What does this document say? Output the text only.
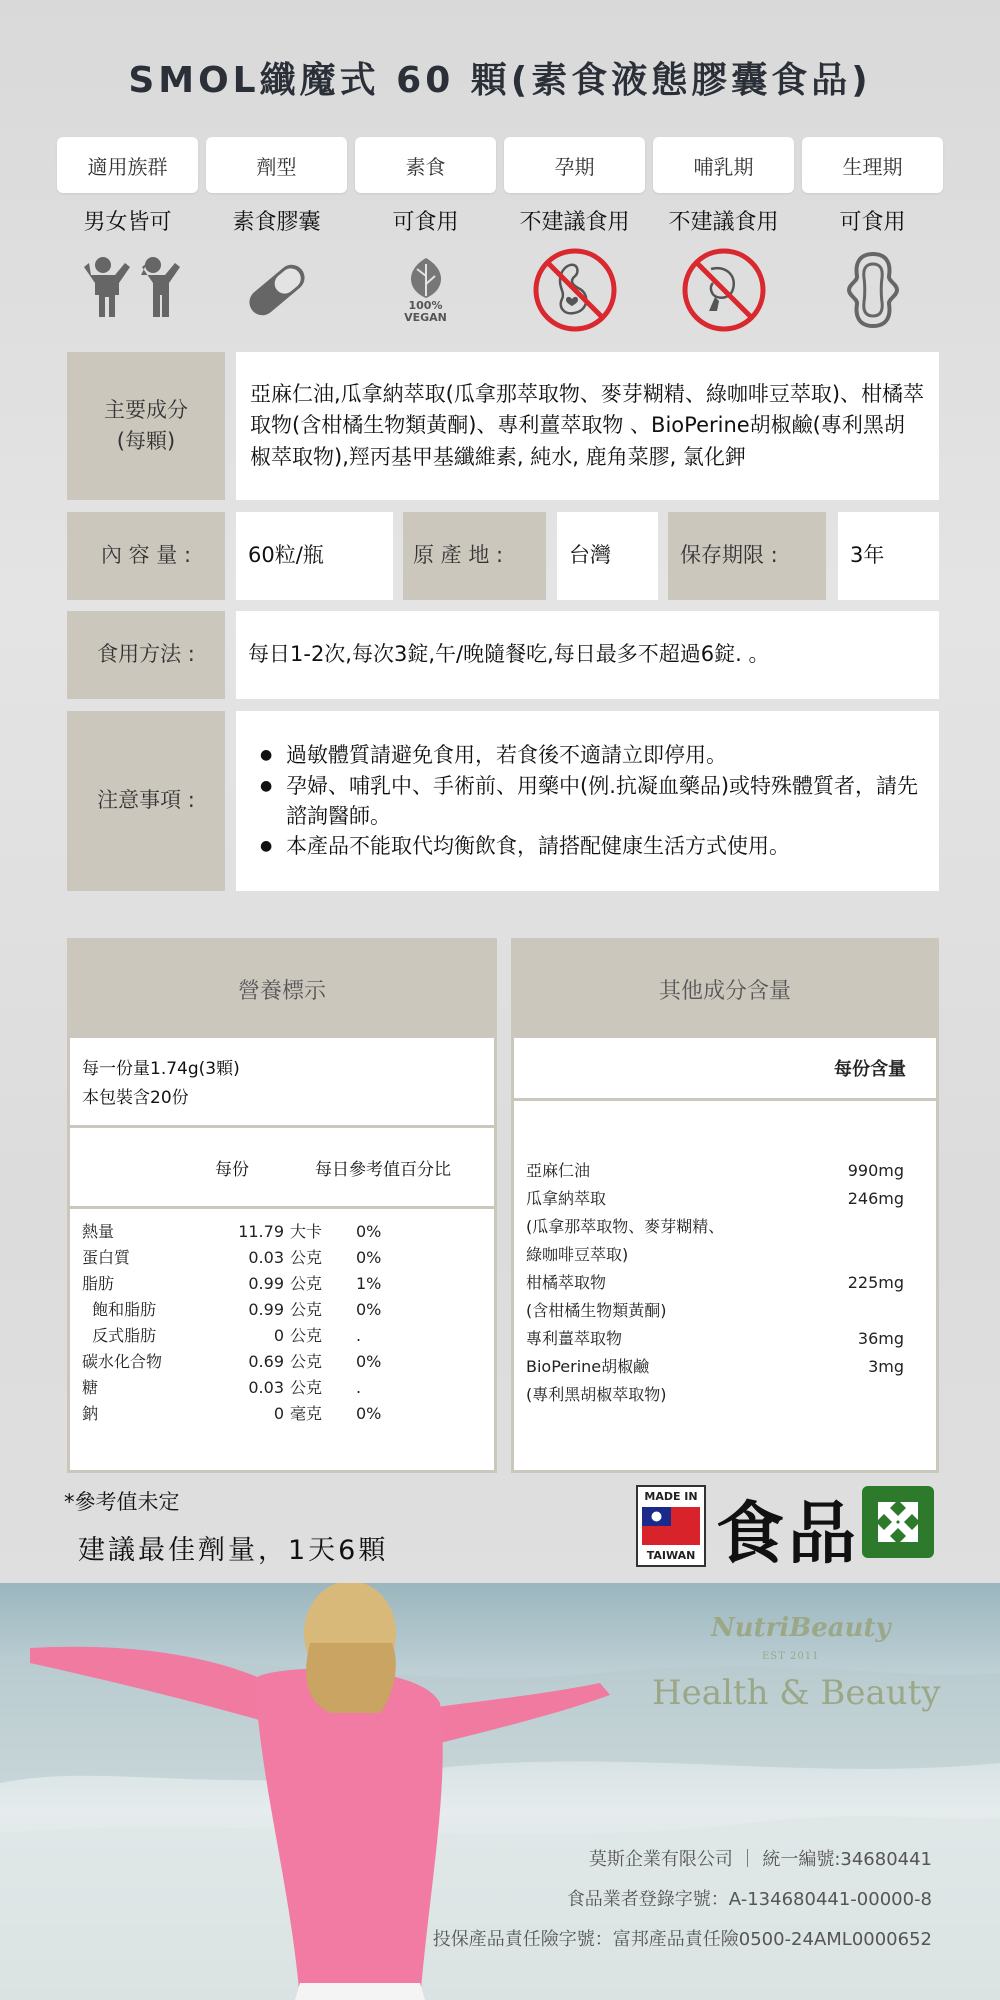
SMOL纖魔式 60 顆(素食液態膠囊食品)
適用族群	劑型	素食	孕期	哺乳期	生理期
男女皆可	素食膠囊	可食用	不建議食用	不建議食用	可食用
100%
VEGAN
主要成分
(每顆)
亞麻仁油,瓜拿納萃取(瓜拿那萃取物、麥芽糊精、綠咖啡豆萃取)、柑橘萃取物(含柑橘生物類黃酮)、專利薑萃取物 、BioPerine胡椒鹼(專利黑胡椒萃取物),羥丙基甲基纖維素, 純水, 鹿角菜膠, 氯化鉀
內 容 量 :	60粒/瓶	原 產 地 :	台灣	保存期限 :	3年
食用方法 :	每日1-2次,每次3錠,午/晚隨餐吃,每日最多不超過6錠. 。
注意事項 :
● 過敏體質請避免食用，若食後不適請立即停用。
● 孕婦、哺乳中、手術前、用藥中(例.抗凝血藥品)或特殊體質者，請先諮詢醫師。
● 本產品不能取代均衡飲食，請搭配健康生活方式使用。
營養標示
每一份量1.74g(3顆)
本包裝含20份
每份	每日參考值百分比
熱量	11.79 大卡	0%
蛋白質	0.03 公克	0%
脂肪	0.99 公克	1%
飽和脂肪	0.99 公克	0%
反式脂肪	0 公克	.
碳水化合物	0.69 公克	0%
糖	0.03 公克	.
鈉	0 毫克	0%
其他成分含量
每份含量
亞麻仁油	990mg
瓜拿納萃取	246mg
(瓜拿那萃取物、麥芽糊精、
綠咖啡豆萃取)
柑橘萃取物	225mg
(含柑橘生物類黃酮)
專利薑萃取物	36mg
BioPerine胡椒鹼	3mg
(專利黑胡椒萃取物)
*參考值未定
建議最佳劑量，1天6顆
MADE IN
TAIWAN 食品
NutriBeauty
EST 2011
Health & Beauty
莫斯企業有限公司 ｜ 統一編號:34680441
食品業者登錄字號：A-134680441-00000-8
投保產品責任險字號：富邦產品責任險0500-24AML0000652
